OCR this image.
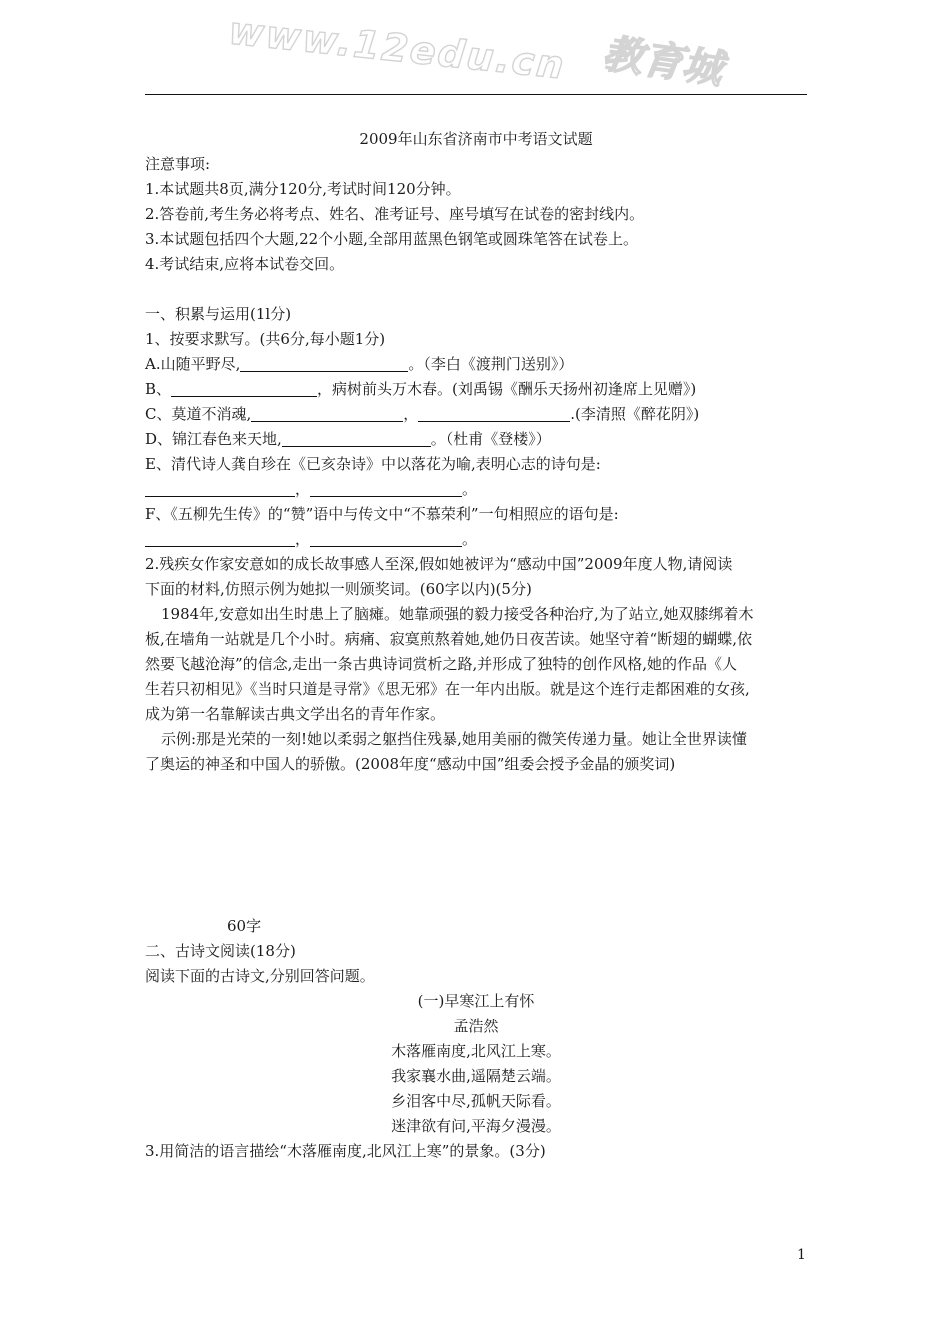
www.12edu.cn 教育城
2009年山东省济南市中考语文试题
注意事项:
1.本试题共8页,满分120分,考试时间120分钟。
2.答卷前,考生务必将考点、姓名、准考证号、座号填写在试卷的密封线内。
3.本试题包括四个大题,22个小题,全部用蓝黑色钢笔或圆珠笔答在试卷上。
4.考试结束,应将本试卷交回。
一、积累与运用(1l分)
1、按要求默写。(共6分,每小题1分)
A.山随平野尽,	。（李白《渡荆门送别》）
B、	，病树前头万木春。(刘禹锡《酬乐天扬州初逢席上见赠》)
C、莫道不消魂,	，	.(李清照《醉花阴》)
D、锦江春色来天地,	。（杜甫《登楼》）
E、清代诗人龚自珍在《已亥杂诗》中以落花为喻,表明心志的诗句是:
，	。
F、《五柳先生传》的“赞”语中与传文中“不慕荣利”一句相照应的语句是:
，	。
2.残疾女作家安意如的成长故事感人至深,假如她被评为“感动中国”2009年度人物,请阅读
下面的材料,仿照示例为她拟一则颁奖词。(60字以内)(5分)
1984年,安意如出生时患上了脑瘫。她靠顽强的毅力接受各种治疗,为了站立,她双膝绑着木
板,在墙角一站就是几个小时。病痛、寂寞煎熬着她,她仍日夜苦读。她坚守着“断翅的蝴蝶,依
然要飞越沧海”的信念,走出一条古典诗词赏析之路,并形成了独特的创作风格,她的作品《人
生若只初相见》《当时只道是寻常》《思无邪》在一年内出版。就是这个连行走都困难的女孩,
成为第一名靠解读古典文学出名的青年作家。
示例:那是光荣的一刻!她以柔弱之躯挡住残暴,她用美丽的微笑传递力量。她让全世界读懂
了奥运的神圣和中国人的骄傲。(2008年度“感动中国”组委会授予金晶的颁奖词)
60字
二、古诗文阅读(18分)
阅读下面的古诗文,分别回答问题。
(一)早寒江上有怀
孟浩然
木落雁南度,北风江上寒。
我家襄水曲,遥隔楚云端。
乡泪客中尽,孤帆天际看。
迷津欲有问,平海夕漫漫。
3.用简洁的语言描绘“木落雁南度,北风江上寒”的景象。(3分)
1
